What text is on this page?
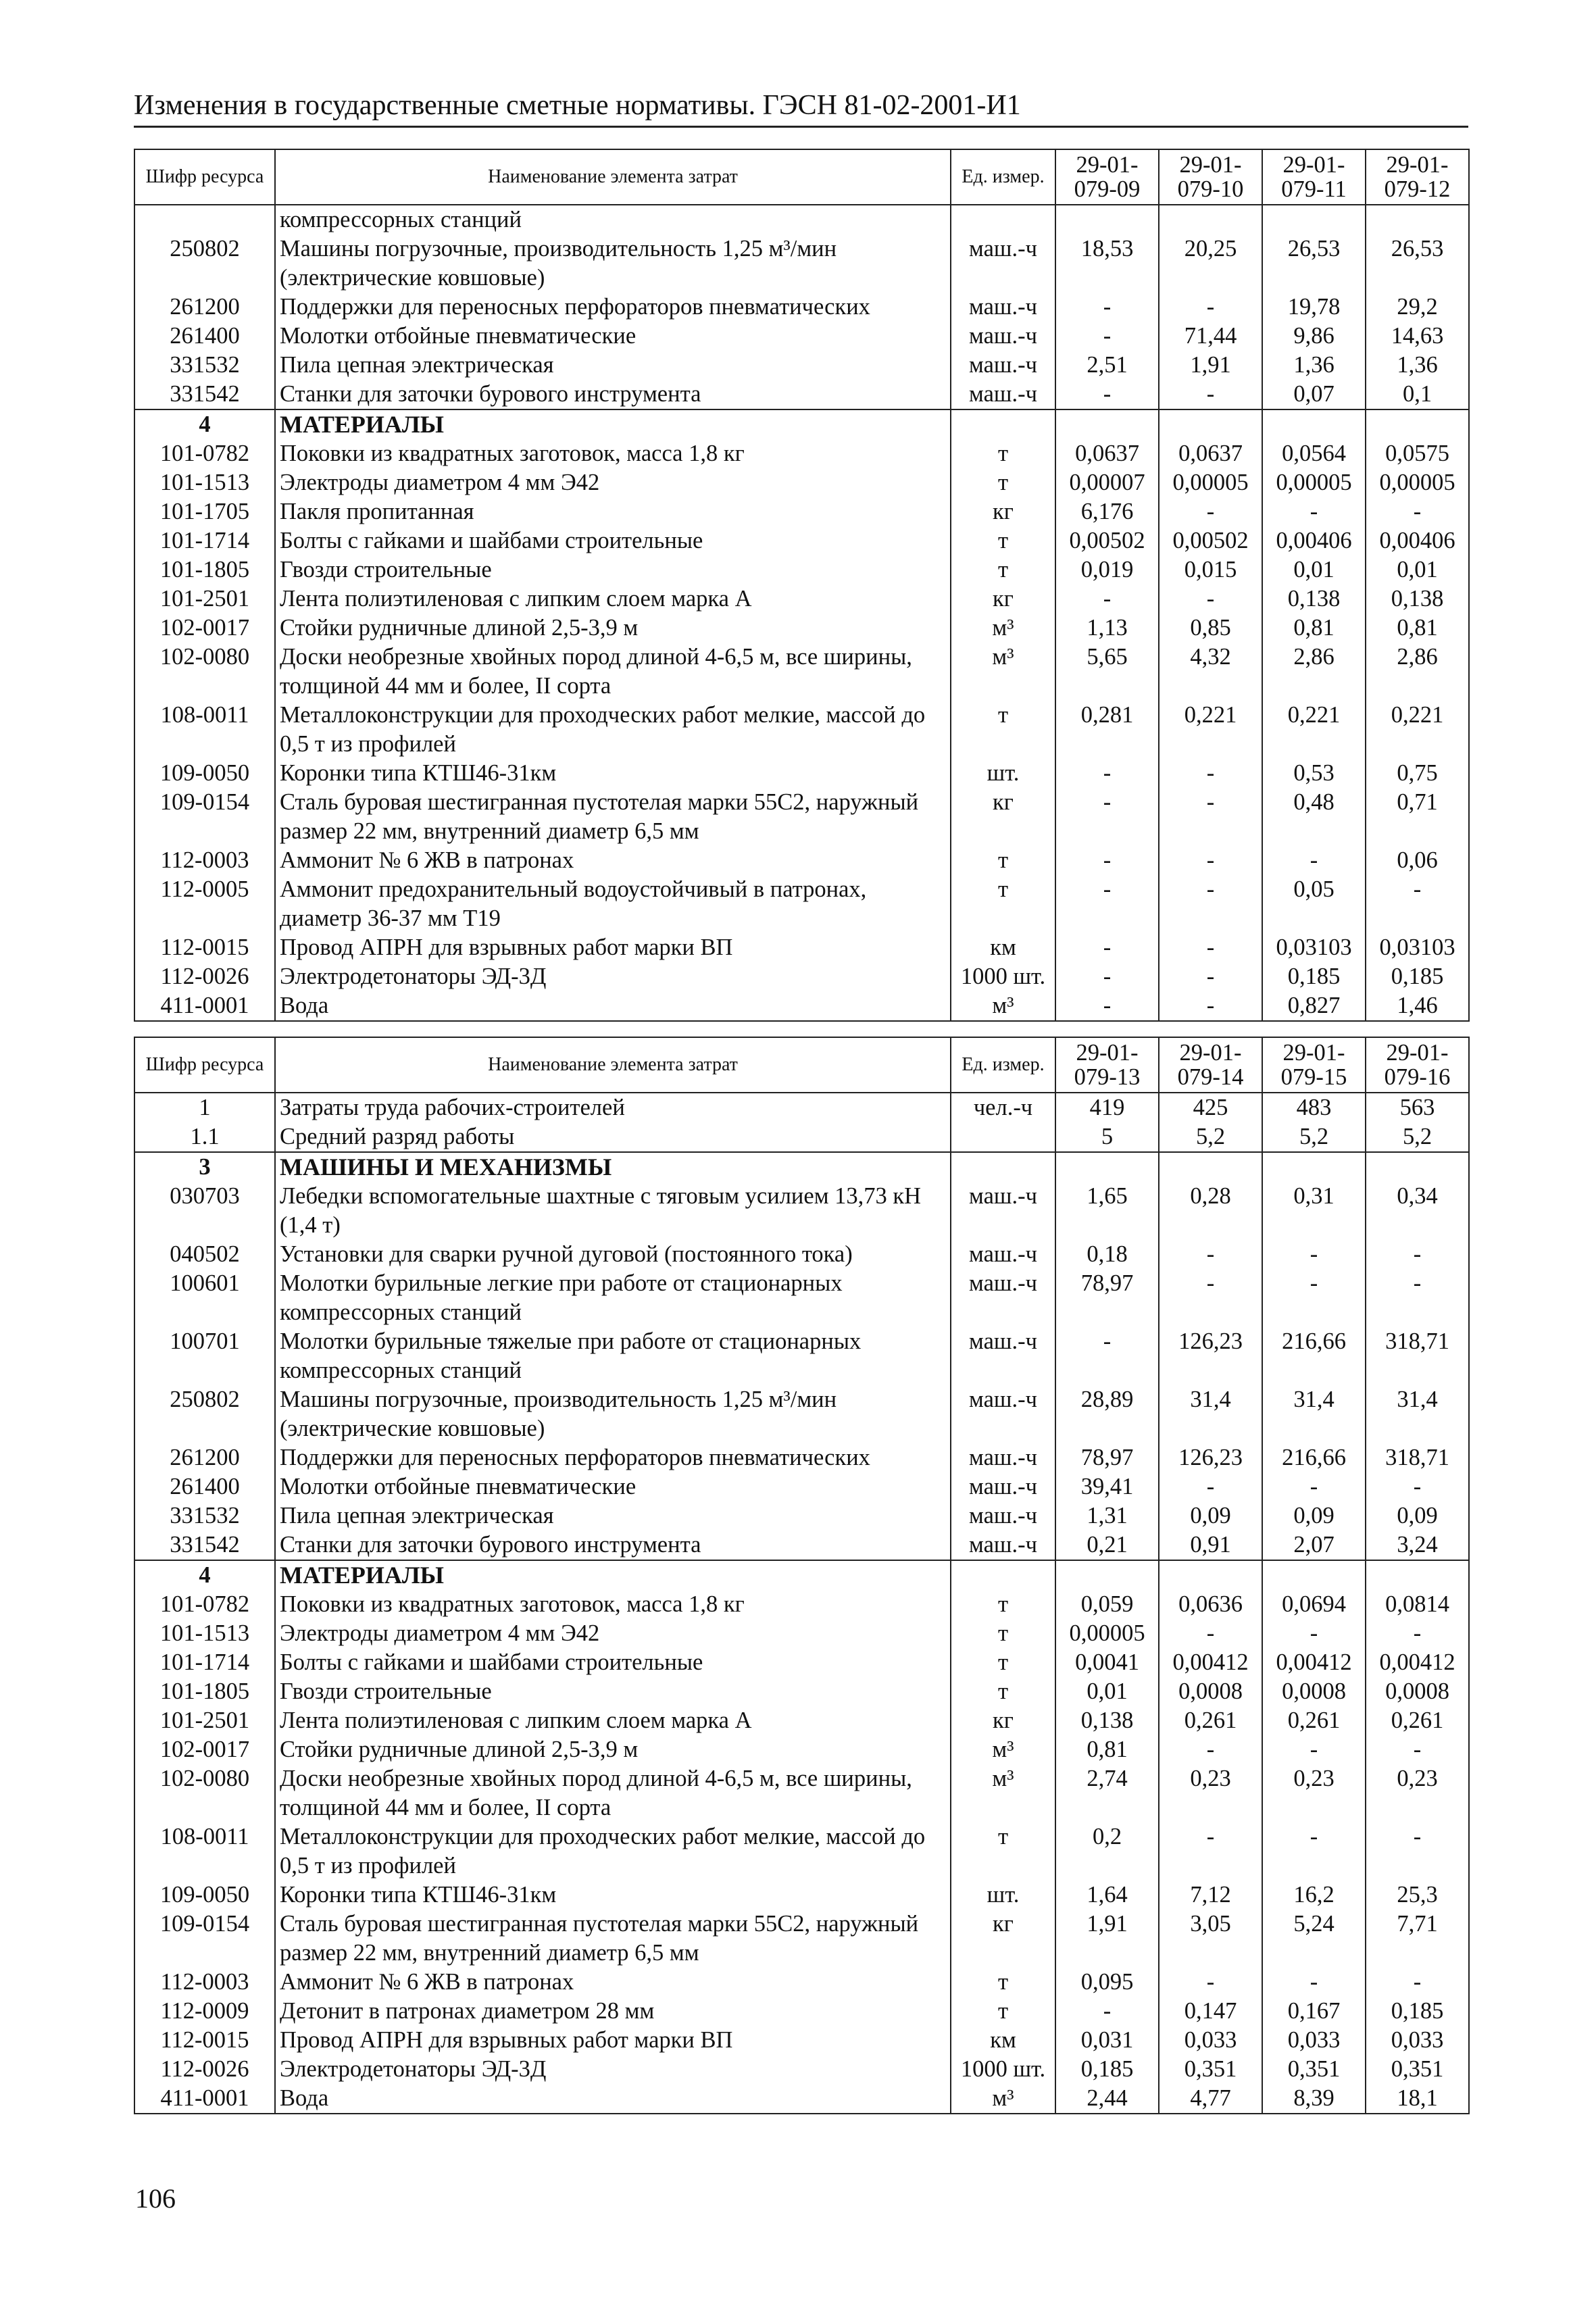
Изменения в государственные сметные нормативы. ГЭСН 81-02-2001-И1
Шифр ресурса	Наименование элемента затрат	Ед. измер.	29-01-079-09	29-01-079-10	29-01-079-11	29-01-079-12
	компрессорных станций					
250802	Машины погрузочные, производительность 1,25 м³/мин (электрические ковшовые)	маш.-ч	18,53	20,25	26,53	26,53
261200	Поддержки для переносных перфораторов пневматических	маш.-ч	-	-	19,78	29,2
261400	Молотки отбойные пневматические	маш.-ч	-	71,44	9,86	14,63
331532	Пила цепная электрическая	маш.-ч	2,51	1,91	1,36	1,36
331542	Станки для заточки бурового инструмента	маш.-ч	-	-	0,07	0,1
4	МАТЕРИАЛЫ					
101-0782	Поковки из квадратных заготовок, масса 1,8 кг	т	0,0637	0,0637	0,0564	0,0575
101-1513	Электроды диаметром 4 мм Э42	т	0,00007	0,00005	0,00005	0,00005
101-1705	Пакля пропитанная	кг	6,176	-	-	-
101-1714	Болты с гайками и шайбами строительные	т	0,00502	0,00502	0,00406	0,00406
101-1805	Гвозди строительные	т	0,019	0,015	0,01	0,01
101-2501	Лента полиэтиленовая с липким слоем марка А	кг	-	-	0,138	0,138
102-0017	Стойки рудничные длиной 2,5-3,9 м	м³	1,13	0,85	0,81	0,81
102-0080	Доски необрезные хвойных пород длиной 4-6,5 м, все ширины, толщиной 44 мм и более, II сорта	м³	5,65	4,32	2,86	2,86
108-0011	Металлоконструкции для проходческих работ мелкие, массой до 0,5 т из профилей	т	0,281	0,221	0,221	0,221
109-0050	Коронки типа КТШ46-31км	шт.	-	-	0,53	0,75
109-0154	Сталь буровая шестигранная пустотелая марки 55С2, наружный размер 22 мм, внутренний диаметр 6,5 мм	кг	-	-	0,48	0,71
112-0003	Аммонит № 6 ЖВ в патронах	т	-	-	-	0,06
112-0005	Аммонит предохранительный водоустойчивый в патронах, диаметр 36-37 мм Т19	т	-	-	0,05	-
112-0015	Провод АПРН для взрывных работ марки ВП	км	-	-	0,03103	0,03103
112-0026	Электродетонаторы ЭД-3Д	1000 шт.	-	-	0,185	0,185
411-0001	Вода	м³	-	-	0,827	1,46
Шифр ресурса	Наименование элемента затрат	Ед. измер.	29-01-079-13	29-01-079-14	29-01-079-15	29-01-079-16
1	Затраты труда рабочих-строителей	чел.-ч	419	425	483	563
1.1	Средний разряд работы		5	5,2	5,2	5,2
3	МАШИНЫ И МЕХАНИЗМЫ					
030703	Лебедки вспомогательные шахтные с тяговым усилием 13,73 кН (1,4 т)	маш.-ч	1,65	0,28	0,31	0,34
040502	Установки для сварки ручной дуговой (постоянного тока)	маш.-ч	0,18	-	-	-
100601	Молотки бурильные легкие при работе от стационарных компрессорных станций	маш.-ч	78,97	-	-	-
100701	Молотки бурильные тяжелые при работе от стационарных компрессорных станций	маш.-ч	-	126,23	216,66	318,71
250802	Машины погрузочные, производительность 1,25 м³/мин (электрические ковшовые)	маш.-ч	28,89	31,4	31,4	31,4
261200	Поддержки для переносных перфораторов пневматических	маш.-ч	78,97	126,23	216,66	318,71
261400	Молотки отбойные пневматические	маш.-ч	39,41	-	-	-
331532	Пила цепная электрическая	маш.-ч	1,31	0,09	0,09	0,09
331542	Станки для заточки бурового инструмента	маш.-ч	0,21	0,91	2,07	3,24
4	МАТЕРИАЛЫ					
101-0782	Поковки из квадратных заготовок, масса 1,8 кг	т	0,059	0,0636	0,0694	0,0814
101-1513	Электроды диаметром 4 мм Э42	т	0,00005	-	-	-
101-1714	Болты с гайками и шайбами строительные	т	0,0041	0,00412	0,00412	0,00412
101-1805	Гвозди строительные	т	0,01	0,0008	0,0008	0,0008
101-2501	Лента полиэтиленовая с липким слоем марка А	кг	0,138	0,261	0,261	0,261
102-0017	Стойки рудничные длиной 2,5-3,9 м	м³	0,81	-	-	-
102-0080	Доски необрезные хвойных пород длиной 4-6,5 м, все ширины, толщиной 44 мм и более, II сорта	м³	2,74	0,23	0,23	0,23
108-0011	Металлоконструкции для проходческих работ мелкие, массой до 0,5 т из профилей	т	0,2	-	-	-
109-0050	Коронки типа КТШ46-31км	шт.	1,64	7,12	16,2	25,3
109-0154	Сталь буровая шестигранная пустотелая марки 55С2, наружный размер 22 мм, внутренний диаметр 6,5 мм	кг	1,91	3,05	5,24	7,71
112-0003	Аммонит № 6 ЖВ в патронах	т	0,095	-	-	-
112-0009	Детонит в патронах диаметром 28 мм	т	-	0,147	0,167	0,185
112-0015	Провод АПРН для взрывных работ марки ВП	км	0,031	0,033	0,033	0,033
112-0026	Электродетонаторы ЭД-3Д	1000 шт.	0,185	0,351	0,351	0,351
411-0001	Вода	м³	2,44	4,77	8,39	18,1
106
